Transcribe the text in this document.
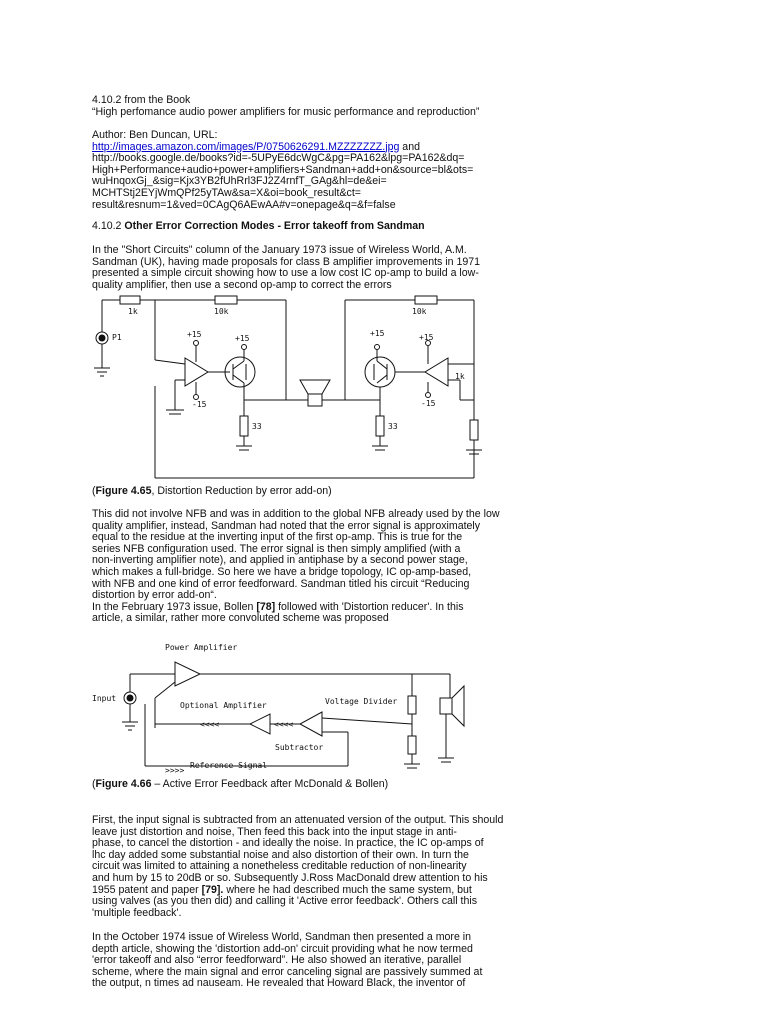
4.10.2 from the Book
“High perfomance audio power amplifiers for music performance and reproduction”
Author: Ben Duncan, URL:
http://images.amazon.com/images/P/0750626291.MZZZZZZZ.jpg and
http://books.google.de/books?id=-5UPyE6dcWgC&pg=PA162&lpg=PA162&dq=
High+Performance+audio+power+amplifiers+Sandman+add+on&source=bl&ots=
wuHnqoxGj_&sig=Kjx3YB2fUhRrl3FJ2Z4rnfT_GAg&hl=de&ei=
MCHTStj2EYjWmQPf25yTAw&sa=X&oi=book_result&ct=
result&resnum=1&ved=0CAgQ6AEwAA#v=onepage&q=&f=false
4.10.2 Other Error Correction Modes - Error takeoff from Sandman
In the "Short Circuits" column of the January 1973 issue of Wireless World, A.M.
Sandman (UK), having made proposals for class B amplifier improvements in 1971
presented a simple circuit showing how to use a low cost IC op-amp to build a low-
quality amplifier, then use a second op-amp to correct the errors
1k	10k	10k
P1	+15	+15
+15	+15
-15	-15
33	33
1k
(Figure 4.65, Distortion Reduction by error add-on)
This did not involve NFB and was in addition to the global NFB already used by the low
quality amplifier, instead, Sandman had noted that the error signal is approximately
equal to the residue at the inverting input of the first op-amp. This is true for the
series NFB configuration used. The error signal is then simply amplified (with a
non-inverting amplifier note), and applied in antiphase by a second power stage,
which makes a full-bridge. So here we have a bridge topology, IC op-amp-based,
with NFB and one kind of error feedforward. Sandman titled his circuit “Reducing
distortion by error add-on“.
In the February 1973 issue, Bollen [78] followed with 'Distortion reducer'. In this
article, a similar, rather more convoluted scheme was proposed
Power Amplifier
Input
Optional Amplifier	Voltage Divider
Subtractor
Reference Signal
<<<<	<<<<
>>>>
(Figure 4.66 – Active Error Feedback after McDonald & Bollen)
First, the input signal is subtracted from an attenuated version of the output. This should
leave just distortion and noise, Then feed this back into the input stage in anti-
phase, to cancel the distortion - and ideally the noise. In practice, the IC op-amps of
lhc day added some substantial noise and also distortion of their own. In turn the
circuit was limited to attaining a nonetheless creditable reduction of non-linearity
and hum by 15 to 20dB or so. Subsequently J.Ross MacDonald drew attention to his
1955 patent and paper [79]. where he had described much the same system, but
using valves (as you then did) and calling it 'Active error feedback'. Others call this
'multiple feedback'.
In the October 1974 issue of Wireless World, Sandman then presented a more in
depth article, showing the 'distortion add-on' circuit providing what he now termed
'error takeoff and also “error feedforward”. He also showed an iterative, parallel
scheme, where the main signal and error canceling signal are passively summed at
the output, n times ad nauseam. He revealed that Howard Black, the inventor of
